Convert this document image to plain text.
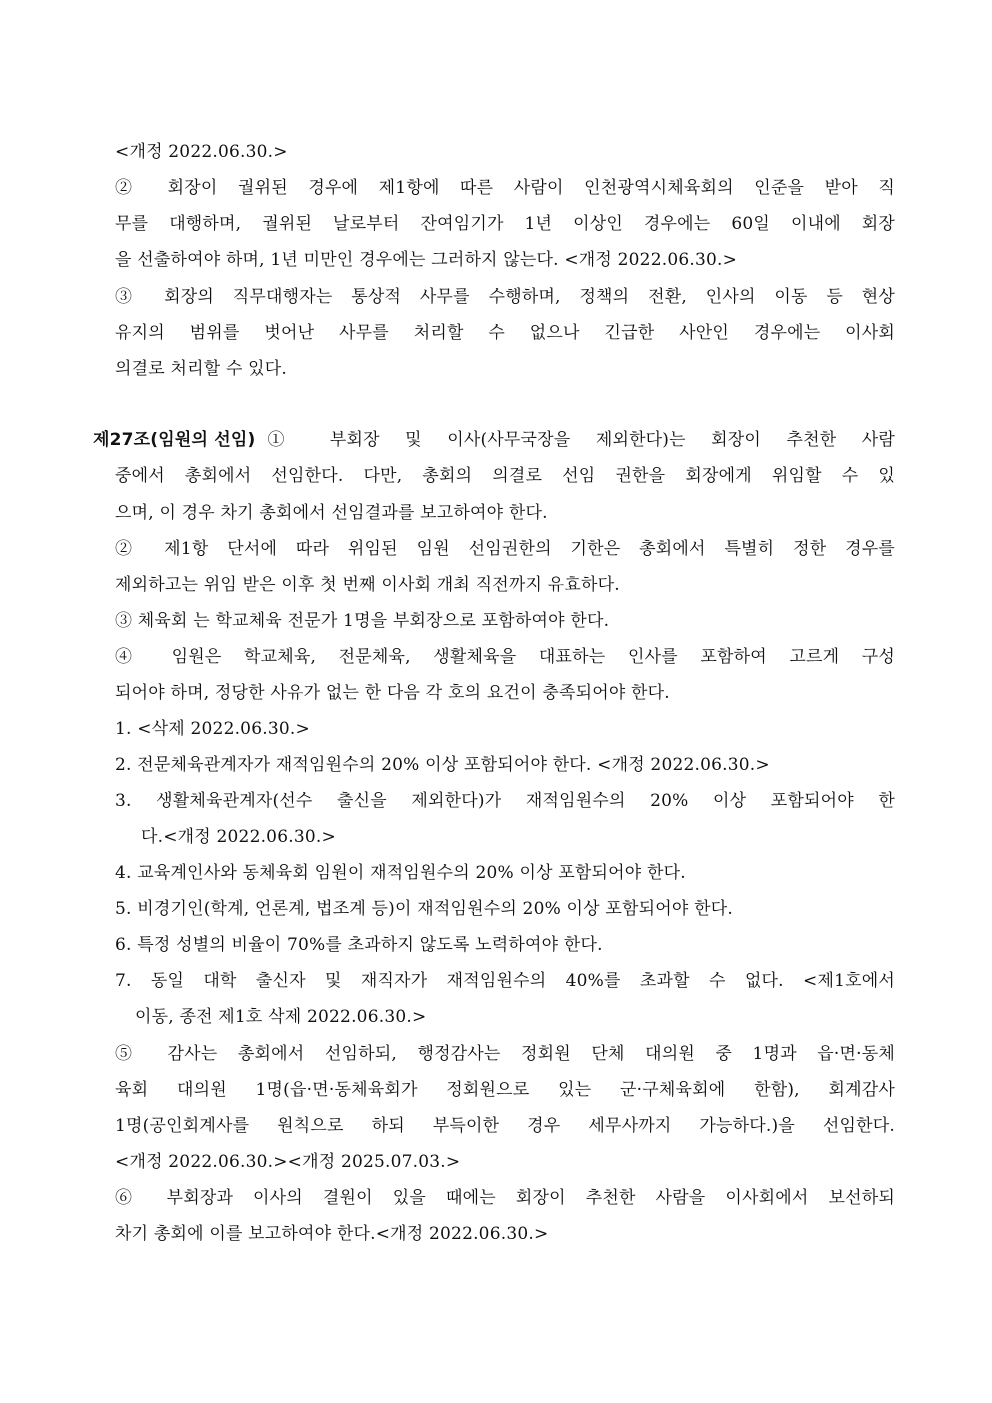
<개정 2022.06.30.>
② 회장이 궐위된 경우에 제1항에 따른 사람이 인천광역시체육회의 인준을 받아 직
무를 대행하며, 궐위된 날로부터 잔여임기가 1년 이상인 경우에는 60일 이내에 회장
을 선출하여야 하며, 1년 미만인 경우에는 그러하지 않는다. <개정 2022.06.30.>
③ 회장의 직무대행자는 통상적 사무를 수행하며, 정책의 전환, 인사의 이동 등 현상
유지의 범위를 벗어난 사무를 처리할 수 없으나 긴급한 사안인 경우에는 이사회
의결로 처리할 수 있다.
제27조(임원의 선임) ① 부회장 및 이사(사무국장을 제외한다)는 회장이 추천한 사람
중에서 총회에서 선임한다. 다만, 총회의 의결로 선임 권한을 회장에게 위임할 수 있
으며, 이 경우 차기 총회에서 선임결과를 보고하여야 한다.
② 제1항 단서에 따라 위임된 임원 선임권한의 기한은 총회에서 특별히 정한 경우를
제외하고는 위임 받은 이후 첫 번째 이사회 개최 직전까지 유효하다.
③ 체육회 는 학교체육 전문가 1명을 부회장으로 포함하여야 한다.
④ 임원은 학교체육, 전문체육, 생활체육을 대표하는 인사를 포함하여 고르게 구성
되어야 하며, 정당한 사유가 없는 한 다음 각 호의 요건이 충족되어야 한다.
1. <삭제 2022.06.30.>
2. 전문체육관계자가 재적임원수의 20% 이상 포함되어야 한다. <개정 2022.06.30.>
3. 생활체육관계자(선수 출신을 제외한다)가 재적임원수의 20% 이상 포함되어야 한
다.<개정 2022.06.30.>
4. 교육계인사와 동체육회 임원이 재적임원수의 20% 이상 포함되어야 한다.
5. 비경기인(학계, 언론계, 법조계 등)이 재적임원수의 20% 이상 포함되어야 한다.
6. 특정 성별의 비율이 70%를 초과하지 않도록 노력하여야 한다.
7. 동일 대학 출신자 및 재직자가 재적임원수의 40%를 초과할 수 없다. <제1호에서
이동, 종전 제1호 삭제 2022.06.30.>
⑤ 감사는 총회에서 선임하되, 행정감사는 정회원 단체 대의원 중 1명과 읍·면·동체
육회 대의원 1명(읍·면·동체육회가 정회원으로 있는 군·구체육회에 한함), 회계감사
1명(공인회계사를 원칙으로 하되 부득이한 경우 세무사까지 가능하다.)을 선임한다.
<개정 2022.06.30.><개정 2025.07.03.>
⑥ 부회장과 이사의 결원이 있을 때에는 회장이 추천한 사람을 이사회에서 보선하되
차기 총회에 이를 보고하여야 한다.<개정 2022.06.30.>
